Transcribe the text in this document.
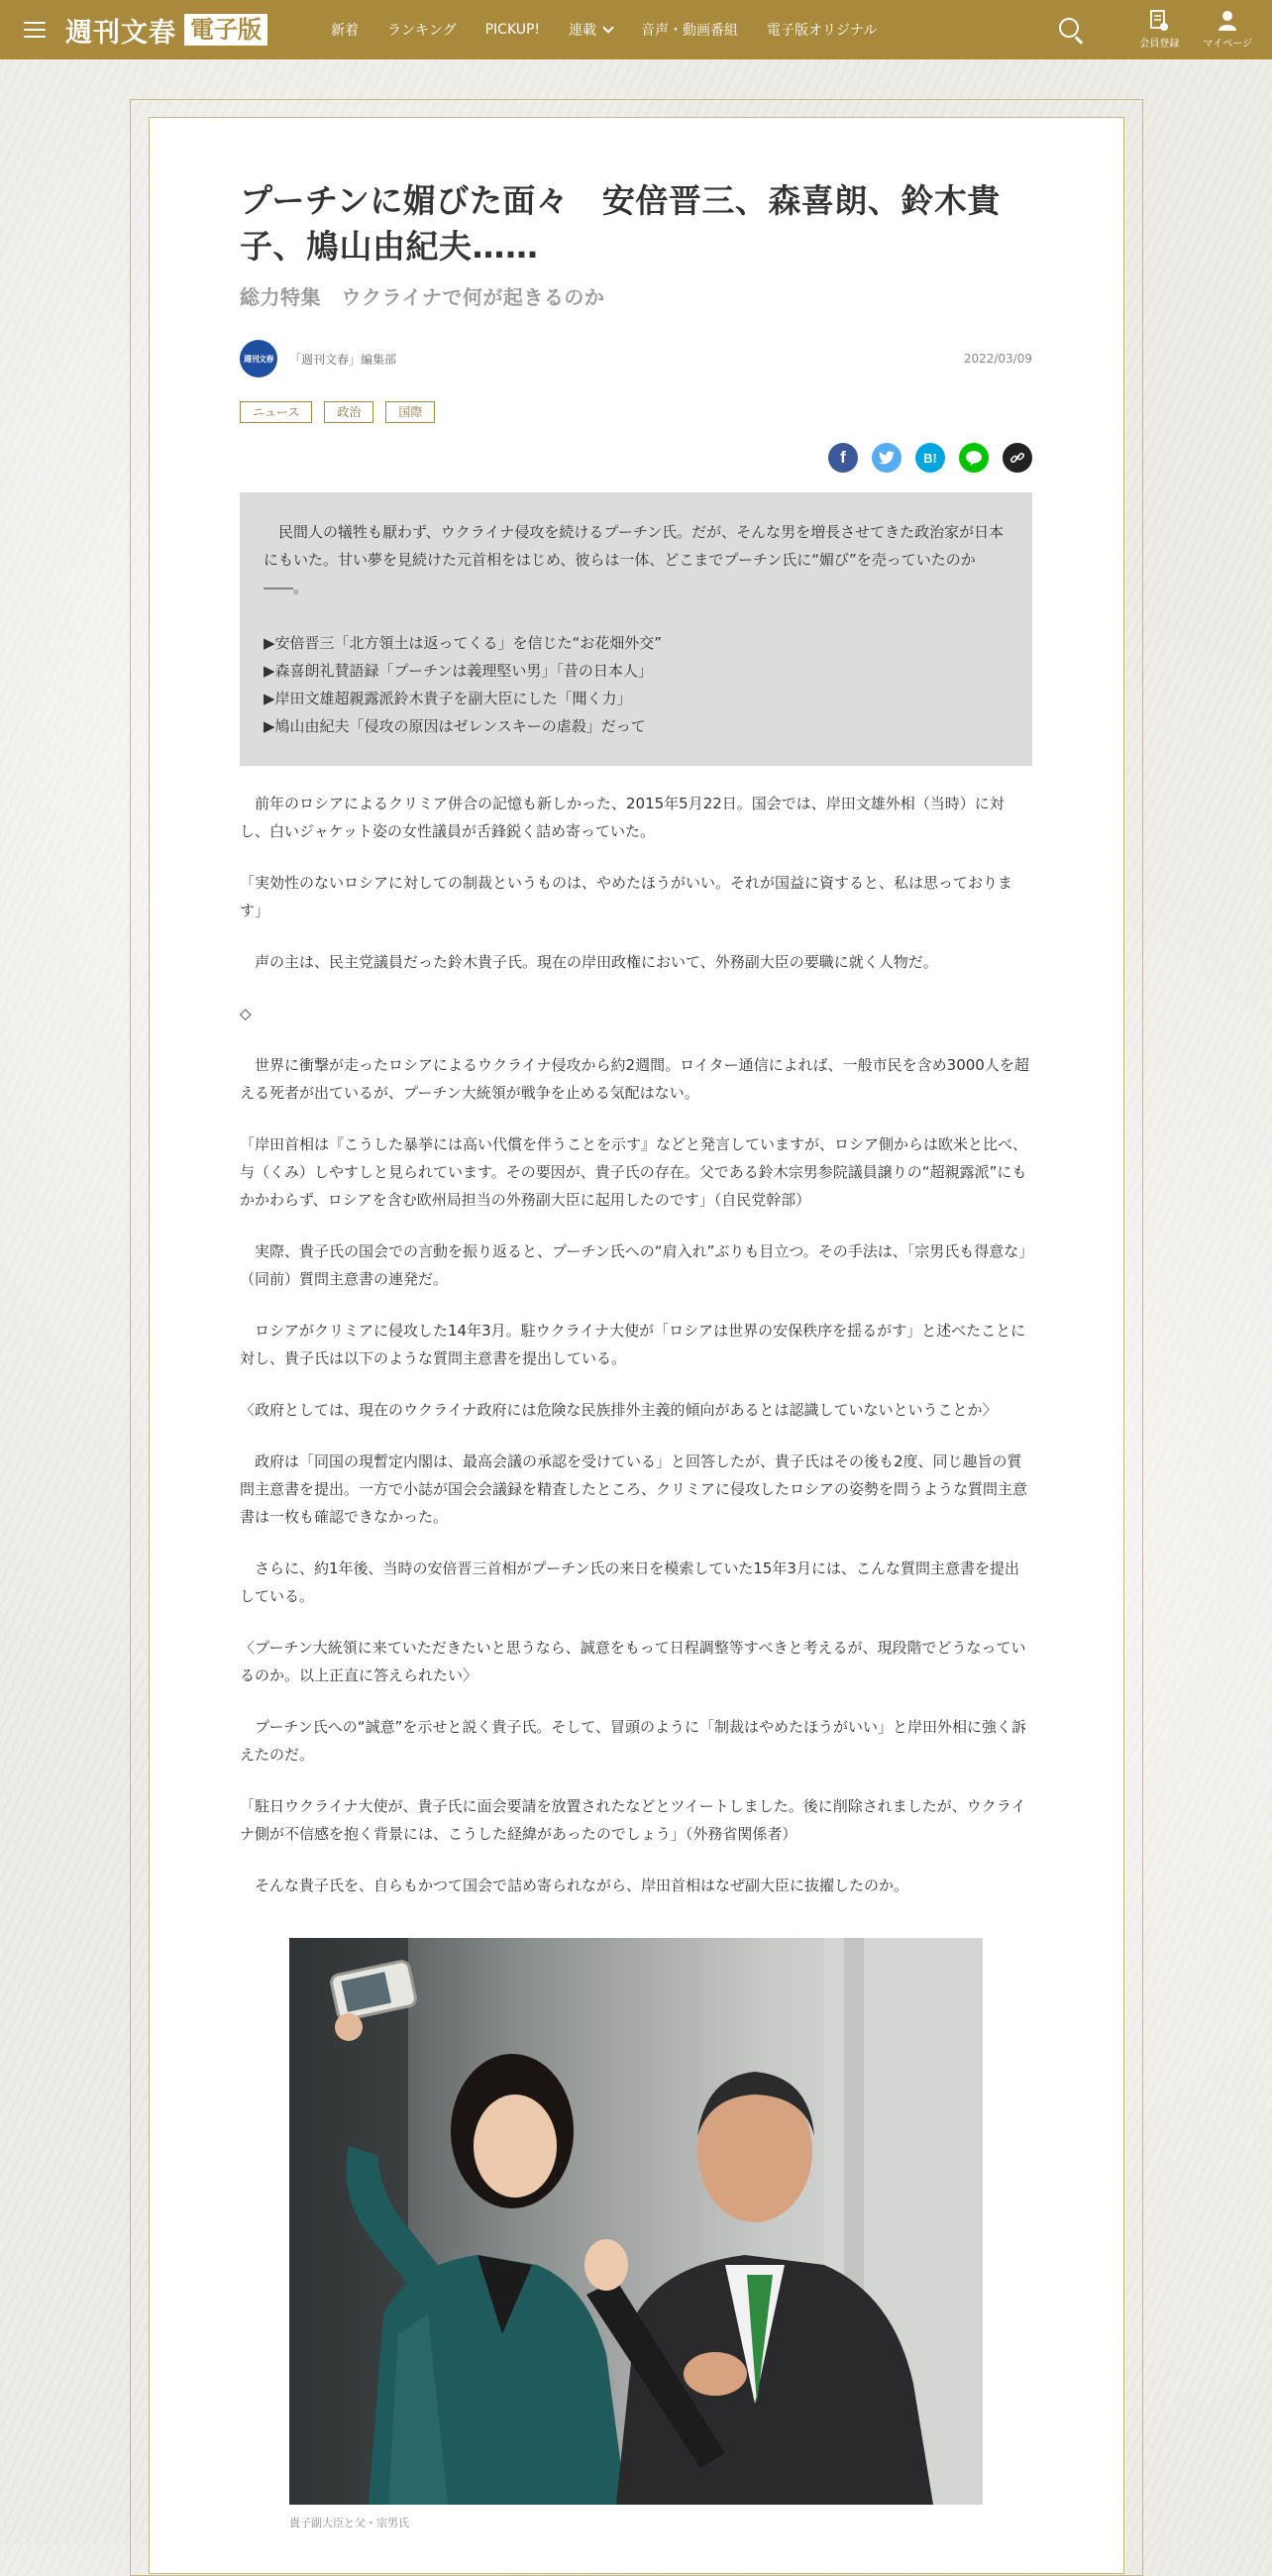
週刊文春 電子版	新着 ランキング PICKUP! 連載	音声・動画番組 電子版オリジナル
会員登録 マイページ
プーチンに媚びた面々　安倍晋三、森喜朗、鈴木貴子、鳩山由紀夫……
総力特集　ウクライナで何が起きるのか
週刊文春	「週刊文春」編集部	2022/03/09
ニュース	政治	国際
f	B!

民間人の犠牲も厭わず、ウクライナ侵攻を続けるプーチン氏。だが、そんな男を増長させてきた政治家が日本にもいた。甘い夢を見続けた元首相をはじめ、彼らは一体、どこまでプーチン氏に“媚び”を売っていたのか――。

▶安倍晋三「北方領土は返ってくる」を信じた“お花畑外交”
▶森喜朗礼賛語録「プーチンは義理堅い男」「昔の日本人」
▶岸田文雄超親露派鈴木貴子を副大臣にした「聞く力」
▶鳩山由紀夫「侵攻の原因はゼレンスキーの虐殺」だって

前年のロシアによるクリミア併合の記憶も新しかった、2015年5月22日。国会では、岸田文雄外相（当時）に対し、白いジャケット姿の女性議員が舌鋒鋭く詰め寄っていた。

「実効性のないロシアに対しての制裁というものは、やめたほうがいい。それが国益に資すると、私は思っております」

声の主は、民主党議員だった鈴木貴子氏。現在の岸田政権において、外務副大臣の要職に就く人物だ。

◇

世界に衝撃が走ったロシアによるウクライナ侵攻から約2週間。ロイター通信によれば、一般市民を含め3000人を超える死者が出ているが、プーチン大統領が戦争を止める気配はない。

「岸田首相は『こうした暴挙には高い代償を伴うことを示す』などと発言していますが、ロシア側からは欧米と比べ、与（くみ）しやすしと見られています。その要因が、貴子氏の存在。父である鈴木宗男参院議員譲りの“超親露派”にもかかわらず、ロシアを含む欧州局担当の外務副大臣に起用したのです」（自民党幹部）

実際、貴子氏の国会での言動を振り返ると、プーチン氏への“肩入れ”ぶりも目立つ。その手法は、「宗男氏も得意な」（同前）質問主意書の連発だ。

ロシアがクリミアに侵攻した14年3月。駐ウクライナ大使が「ロシアは世界の安保秩序を揺るがす」と述べたことに対し、貴子氏は以下のような質問主意書を提出している。

〈政府としては、現在のウクライナ政府には危険な民族排外主義的傾向があるとは認識していないということか〉

政府は「同国の現暫定内閣は、最高会議の承認を受けている」と回答したが、貴子氏はその後も2度、同じ趣旨の質問主意書を提出。一方で小誌が国会会議録を精査したところ、クリミアに侵攻したロシアの姿勢を問うような質問主意書は一枚も確認できなかった。

さらに、約1年後、当時の安倍晋三首相がプーチン氏の来日を模索していた15年3月には、こんな質問主意書を提出している。

〈プーチン大統領に来ていただきたいと思うなら、誠意をもって日程調整等すべきと考えるが、現段階でどうなっているのか。以上正直に答えられたい〉

プーチン氏への“誠意”を示せと説く貴子氏。そして、冒頭のように「制裁はやめたほうがいい」と岸田外相に強く訴えたのだ。

「駐日ウクライナ大使が、貴子氏に面会要請を放置されたなどとツイートしました。後に削除されましたが、ウクライナ側が不信感を抱く背景には、こうした経緯があったのでしょう」（外務省関係者）

そんな貴子氏を、自らもかつて国会で詰め寄られながら、岸田首相はなぜ副大臣に抜擢したのか。

貴子副大臣と父・宗男氏
